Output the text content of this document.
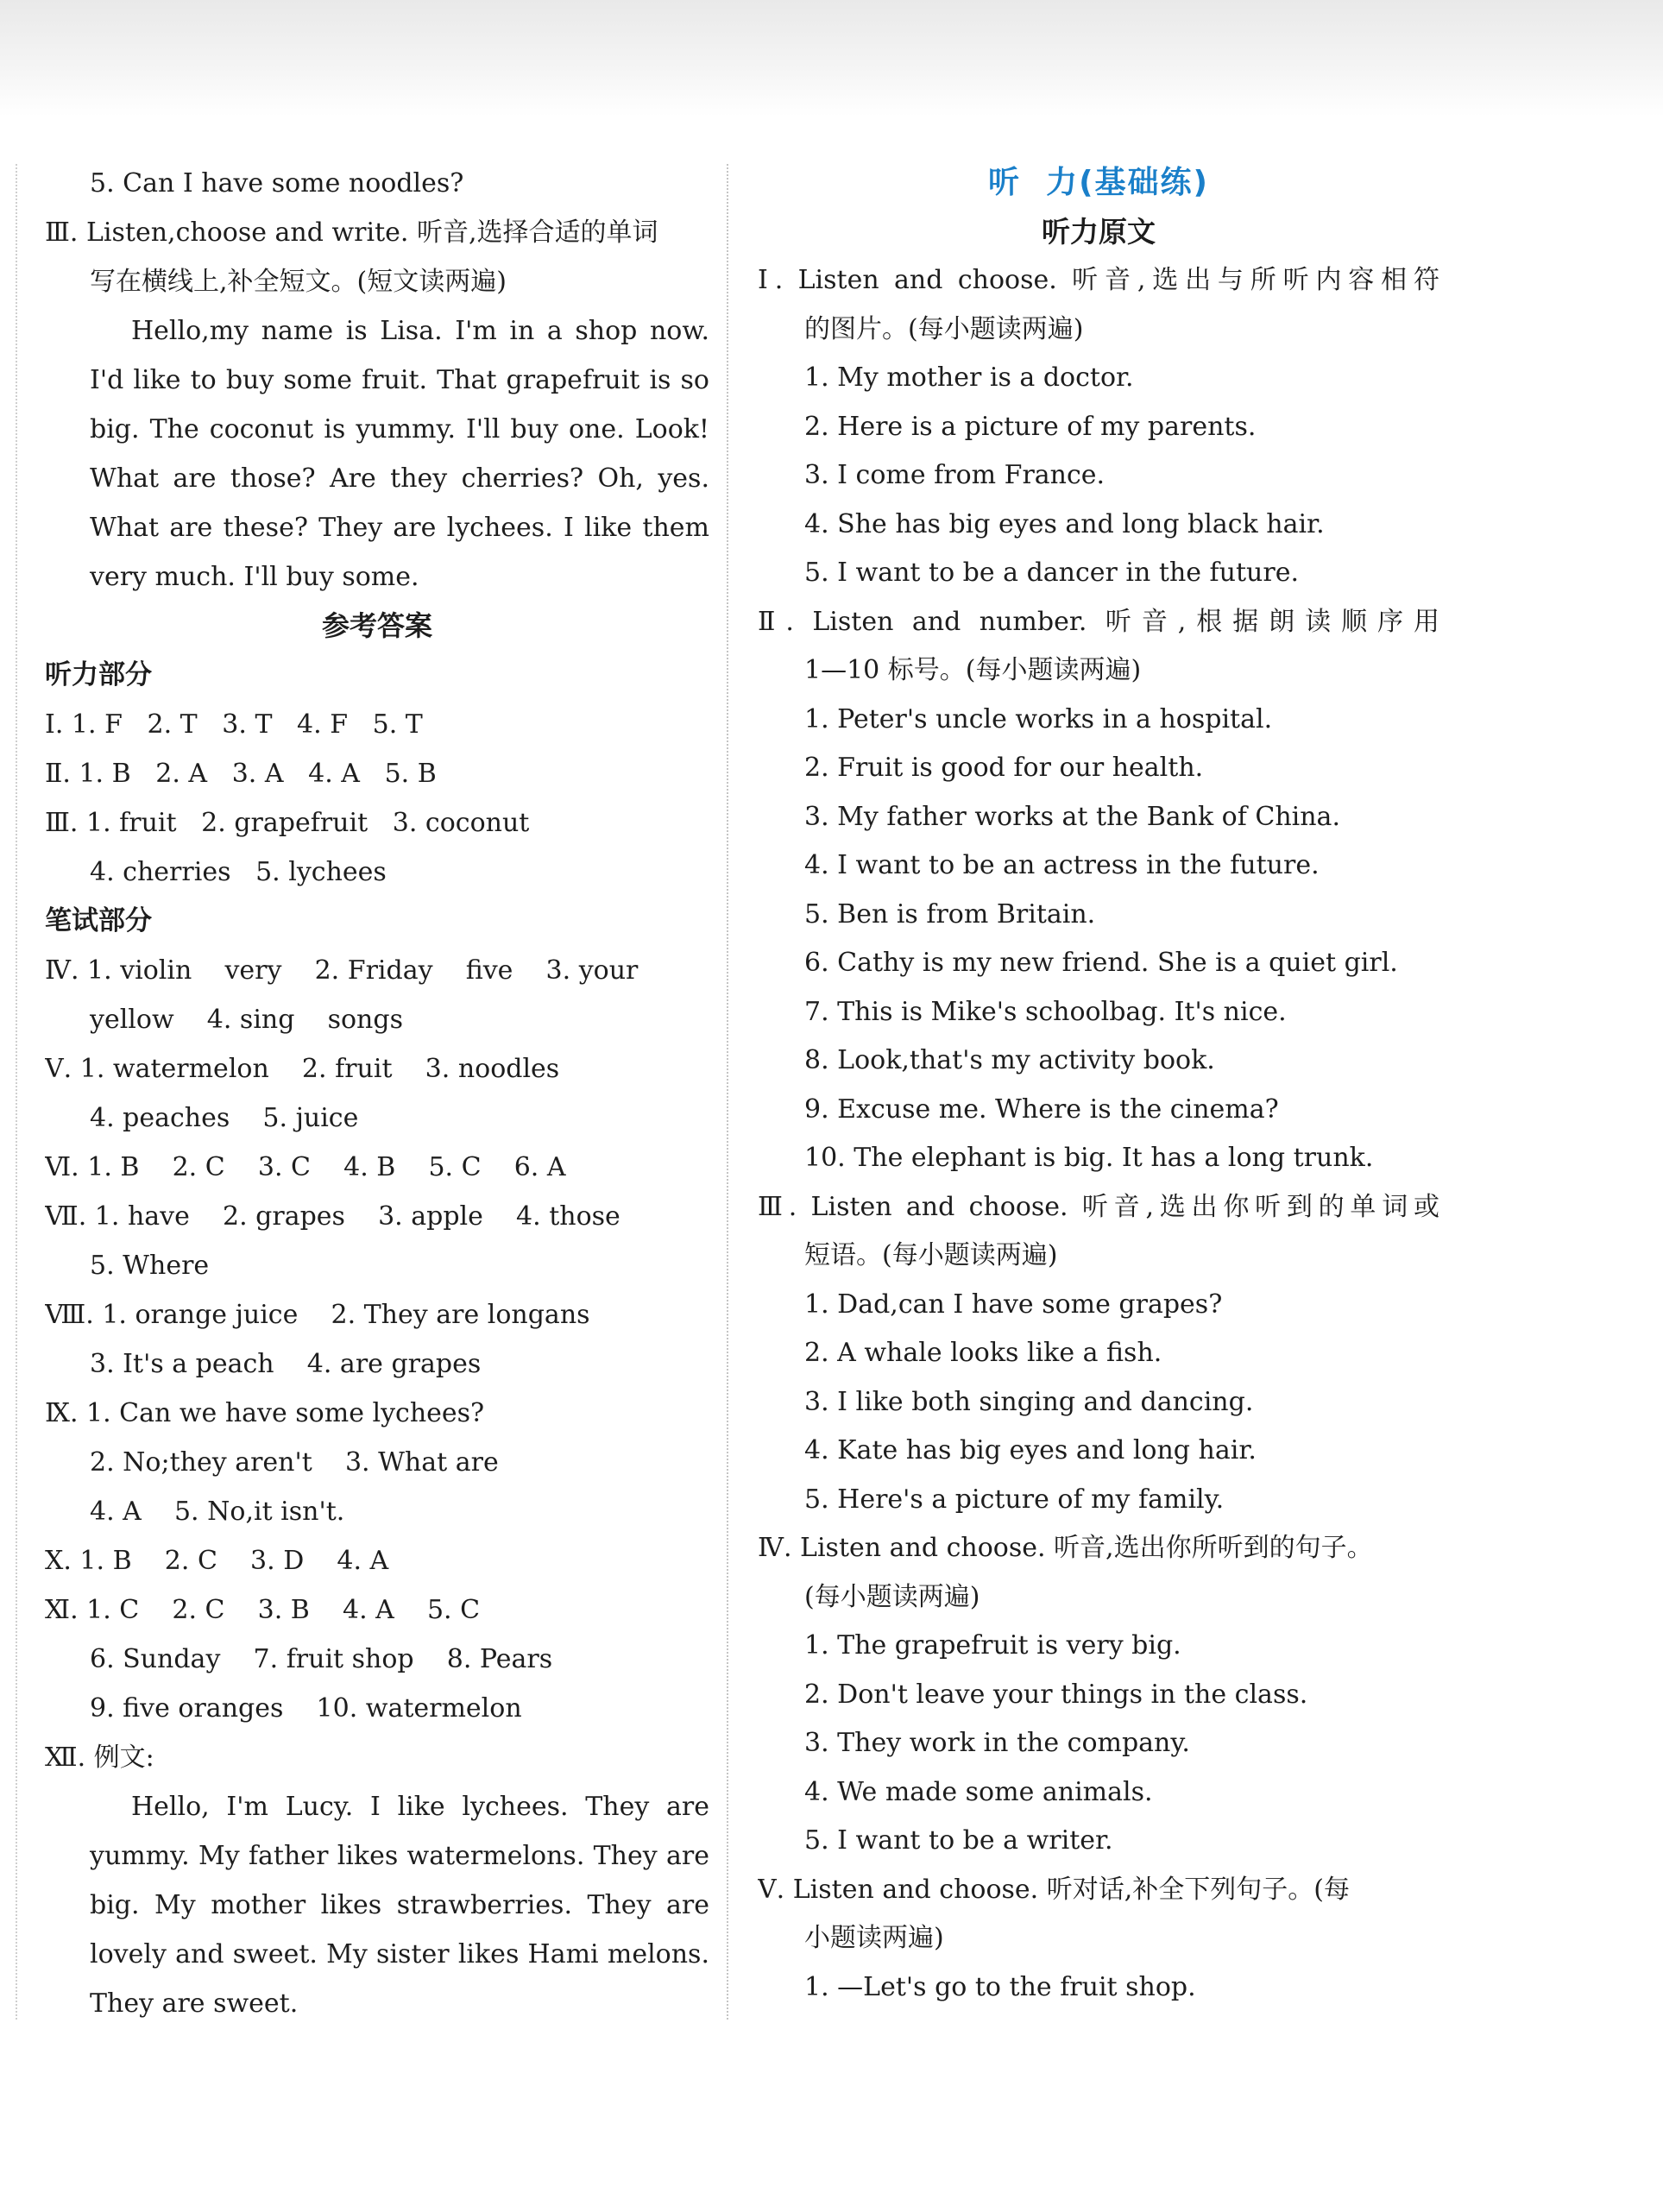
5. Can I have some noodles?
Ⅲ. Listen,choose and write. 听音,选择合适的单词
写在横线上,补全短文。(短文读两遍)
Hello,my name is Lisa. I'm in a shop now.
I'd like to buy some fruit. That grapefruit is so
big. The coconut is yummy. I'll buy one. Look!
What are those? Are they cherries? Oh, yes.
What are these? They are lychees. I like them
very much. I'll buy some.
参考答案
听力部分
Ⅰ. 1. F   2. T   3. T   4. F   5. T
Ⅱ. 1. B   2. A   3. A   4. A   5. B
Ⅲ. 1. fruit   2. grapefruit   3. coconut
4. cherries   5. lychees
笔试部分
Ⅳ. 1. violin    very    2. Friday    five    3. your
yellow    4. sing    songs
Ⅴ. 1. watermelon    2. fruit    3. noodles
4. peaches    5. juice
Ⅵ. 1. B    2. C    3. C    4. B    5. C    6. A
Ⅶ. 1. have    2. grapes    3. apple    4. those
5. Where
Ⅷ. 1. orange juice    2. They are longans
3. It's a peach    4. are grapes
Ⅸ. 1. Can we have some lychees?
2. No;they aren't    3. What are
4. A    5. No,it isn't.
Ⅹ. 1. B    2. C    3. D    4. A
Ⅺ. 1. C    2. C    3. B    4. A    5. C
6. Sunday    7. fruit shop    8. Pears
9. five oranges    10. watermelon
Ⅻ. 例文:
Hello, I'm Lucy. I like lychees. They are
yummy. My father likes watermelons. They are
big. My mother likes strawberries. They are
lovely and sweet. My sister likes Hami melons.
They are sweet.
听  力(基础练)
听力原文
Ⅰ. Listen and choose. 听音,选出与所听内容相符
的图片。(每小题读两遍)
1. My mother is a doctor.
2. Here is a picture of my parents.
3. I come from France.
4. She has big eyes and long black hair.
5. I want to be a dancer in the future.
Ⅱ. Listen and number. 听音,根据朗读顺序用
1—10 标号。(每小题读两遍)
1. Peter's uncle works in a hospital.
2. Fruit is good for our health.
3. My father works at the Bank of China.
4. I want to be an actress in the future.
5. Ben is from Britain.
6. Cathy is my new friend. She is a quiet girl.
7. This is Mike's schoolbag. It's nice.
8. Look,that's my activity book.
9. Excuse me. Where is the cinema?
10. The elephant is big. It has a long trunk.
Ⅲ. Listen and choose. 听音,选出你听到的单词或
短语。(每小题读两遍)
1. Dad,can I have some grapes?
2. A whale looks like a fish.
3. I like both singing and dancing.
4. Kate has big eyes and long hair.
5. Here's a picture of my family.
Ⅳ. Listen and choose. 听音,选出你所听到的句子。
(每小题读两遍)
1. The grapefruit is very big.
2. Don't leave your things in the class.
3. They work in the company.
4. We made some animals.
5. I want to be a writer.
Ⅴ. Listen and choose. 听对话,补全下列句子。(每
小题读两遍)
1. —Let's go to the fruit shop.
